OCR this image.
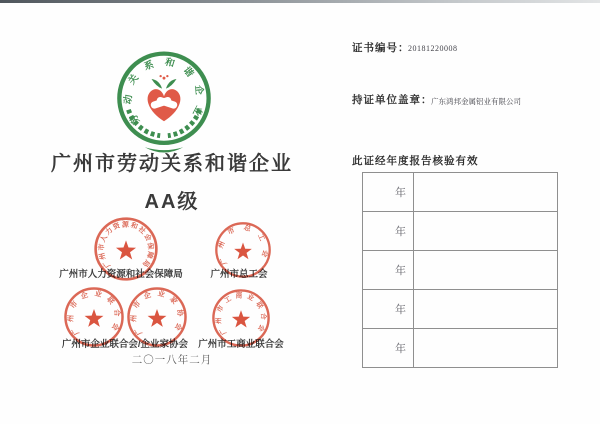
劳动关系和谐企业
广州市劳动关系和谐企业
AA级
广州市人力资源和社会保障局	广州市总工会
广州市企业联合会/企业家协会	广州市工商业联合会
广州市人力资源和社会保障局	广州市总工会
广州市企业联合会 广州市企业家协会	广州市工商业联合会
二〇一八年二月
证书编号：
20181220008
持证单位盖章：
广东鸿邦金属铝业有限公司
此证经年度报告核验有效
年
年
年
年
年
